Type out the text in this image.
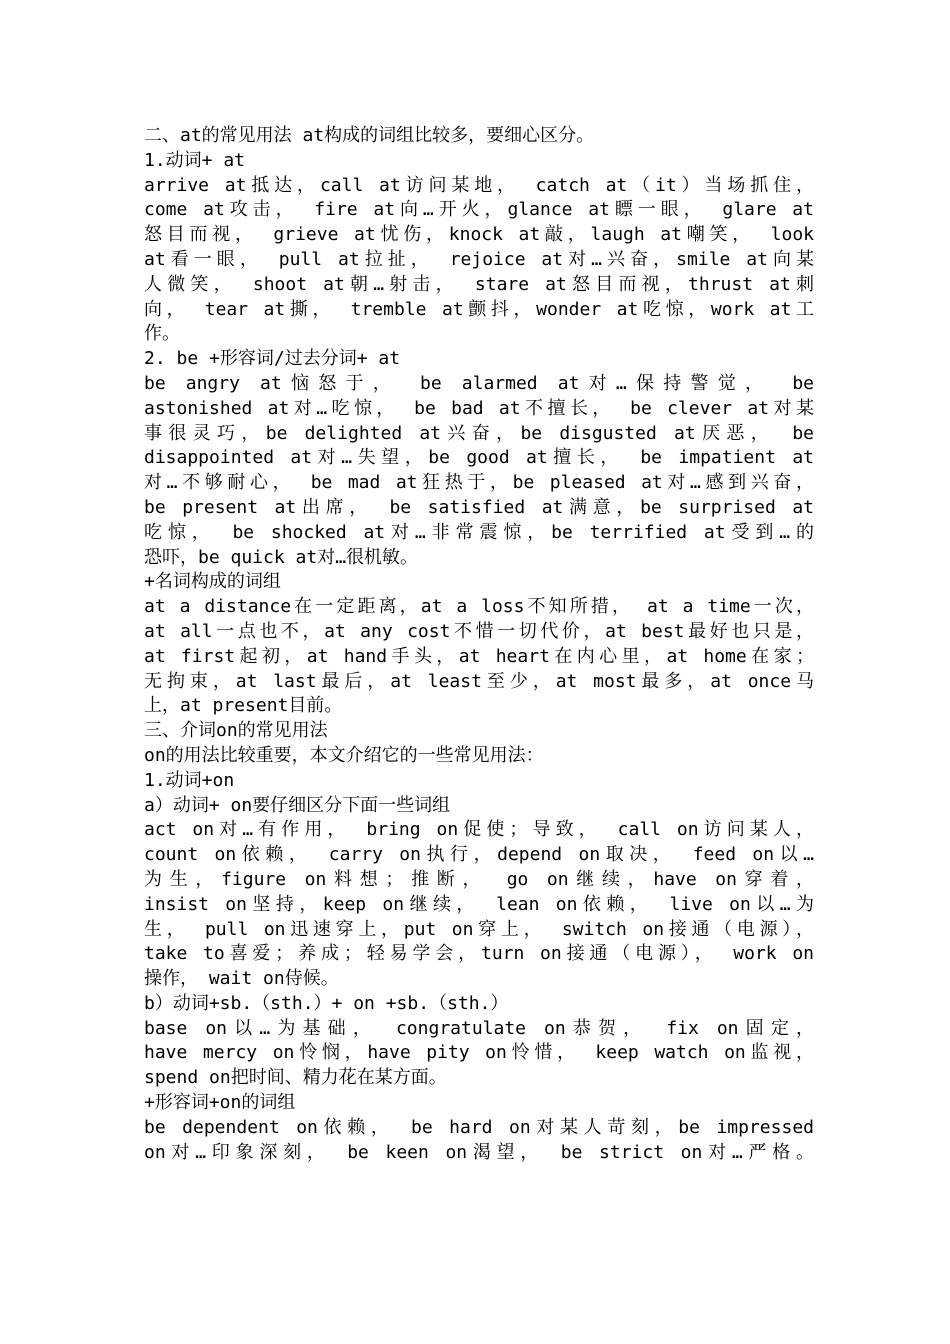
二、at的常见用法 at构成的词组比较多，要细心区分。
1.动词+ at
arrive at抵达，call at访问某地， catch at（it）当场抓住，
come at攻击， fire at向…开火，glance at瞟一眼， glare at
怒目而视， grieve at忧伤，knock at敲，laugh at嘲笑， look
at看一眼， pull at拉扯， rejoice at对…兴奋，smile at向某
人微笑， shoot at朝…射击， stare at怒目而视，thrust at刺
向， tear at撕， tremble at颤抖，wonder at吃惊，work at工
作。
2. be +形容词/过去分词+ at
be angry at恼怒于， be alarmed at对…保持警觉， be
astonished at对…吃惊， be bad at不擅长， be clever at对某
事很灵巧，be delighted at兴奋，be disgusted at厌恶， be
disappointed at对…失望，be good at擅长， be impatient at
对…不够耐心， be mad at狂热于，be pleased at对…感到兴奋，
be present at出席， be satisfied at满意，be surprised at
吃惊， be shocked at对…非常震惊，be terrified at受到…的
恐吓，be quick at对…很机敏。
+名词构成的词组
at a distance在一定距离，at a loss不知所措， at a time一次，
at all一点也不，at any cost不惜一切代价，at best最好也只是，
at first起初，at hand手头，at heart在内心里，at home在家；
无拘束，at last最后，at least至少，at most最多，at once马
上，at present目前。
三、介词on的常见用法
on的用法比较重要，本文介绍它的一些常见用法：
1.动词+on
a）动词+ on要仔细区分下面一些词组
act on对…有作用， bring on促使；导致， call on访问某人，
count on依赖， carry on执行，depend on取决， feed on以…
为生，figure on料想；推断， go on继续，have on穿着，
insist on坚持，keep on继续， lean on依赖， live on以…为
生， pull on迅速穿上，put on穿上， switch on接通（电源），
take to喜爱；养成；轻易学会，turn on接通（电源）， work on
操作， wait on侍候。
b）动词+sb.（sth.）+ on +sb.（sth.）
base on以…为基础， congratulate on恭贺， fix on固定，
have mercy on怜悯，have pity on怜惜， keep watch on监视，
spend on把时间、精力花在某方面。
+形容词+on的词组
be dependent on依赖， be hard on对某人苛刻，be impressed
on对…印象深刻， be keen on渴望， be strict on对…严格。
